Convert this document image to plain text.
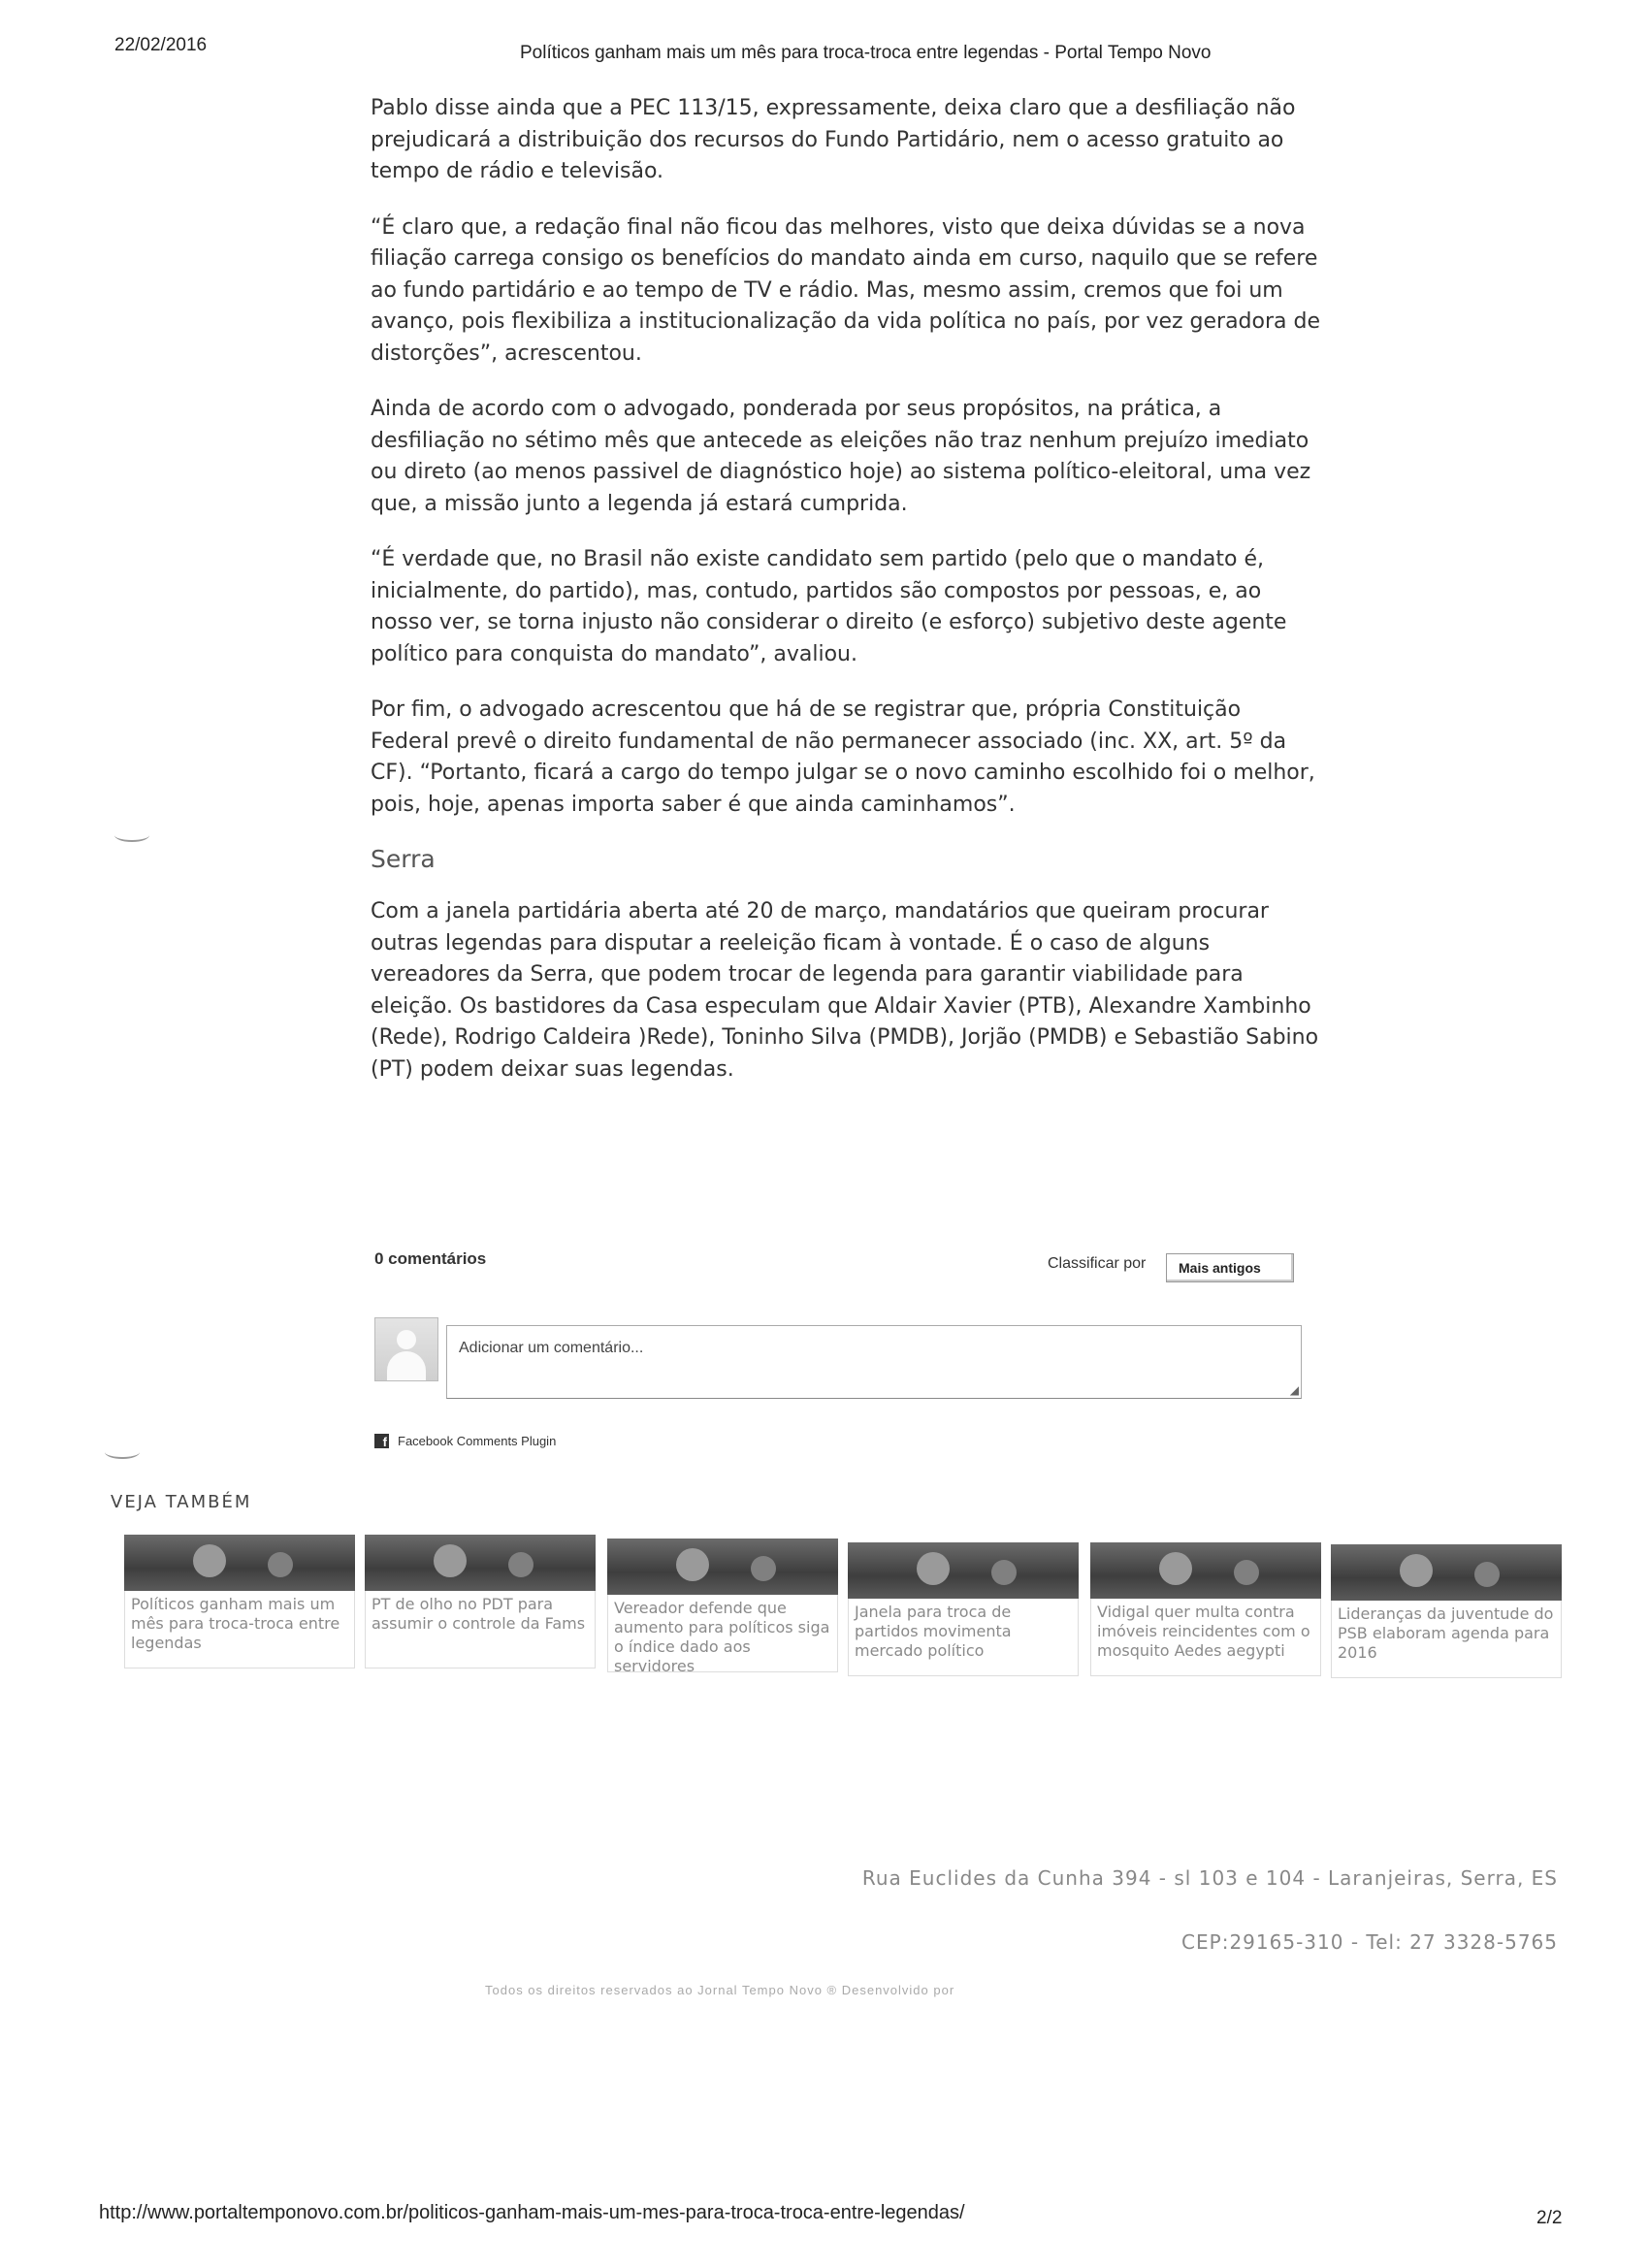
22/02/2016	Políticos ganham mais um mês para troca-troca entre legendas - Portal Tempo Novo

Pablo disse ainda que a PEC 113/15, expressamente, deixa claro que a desfiliação não prejudicará a distribuição dos recursos do Fundo Partidário, nem o acesso gratuito ao tempo de rádio e televisão.

“É claro que, a redação final não ficou das melhores, visto que deixa dúvidas se a nova filiação carrega consigo os benefícios do mandato ainda em curso, naquilo que se refere ao fundo partidário e ao tempo de TV e rádio. Mas, mesmo assim, cremos que foi um avanço, pois flexibiliza a institucionalização da vida política no país, por vez geradora de distorções”, acrescentou.

Ainda de acordo com o advogado, ponderada por seus propósitos, na prática, a desfiliação no sétimo mês que antecede as eleições não traz nenhum prejuízo imediato ou direto (ao menos passivel de diagnóstico hoje) ao sistema político-eleitoral, uma vez que, a missão junto a legenda já estará cumprida.

“É verdade que, no Brasil não existe candidato sem partido (pelo que o mandato é, inicialmente, do partido), mas, contudo, partidos são compostos por pessoas, e, ao nosso ver, se torna injusto não considerar o direito (e esforço) subjetivo deste agente político para conquista do mandato”, avaliou.

Por fim, o advogado acrescentou que há de se registrar que, própria Constituição Federal prevê o direito fundamental de não permanecer associado (inc. XX, art. 5º da CF). “Portanto, ficará a cargo do tempo julgar se o novo caminho escolhido foi o melhor, pois, hoje, apenas importa saber é que ainda caminhamos”.

Serra

Com a janela partidária aberta até 20 de março, mandatários que queiram procurar outras legendas para disputar a reeleição ficam à vontade. É o caso de alguns vereadores da Serra, que podem trocar de legenda para garantir viabilidade para eleição. Os bastidores da Casa especulam que Aldair Xavier (PTB), Alexandre Xambinho (Rede), Rodrigo Caldeira )Rede), Toninho Silva (PMDB), Jorjão (PMDB) e Sebastião Sabino (PT) podem deixar suas legendas.

0 comentários	Classificar por Mais antigos
Adicionar um comentário...
◢
f Facebook Comments Plugin
VEJA TAMBÉM
Políticos ganham mais um mês para troca-troca entre legendas
PT de olho no PDT para assumir o controle da Fams
Vereador defende que aumento para políticos siga o índice dado aos servidores
Janela para troca de partidos movimenta mercado político
Vidigal quer multa contra imóveis reincidentes com o mosquito Aedes aegypti
Lideranças da juventude do PSB elaboram agenda para 2016
Rua Euclides da Cunha 394 - sl 103 e 104 - Laranjeiras, Serra, ES
CEP:29165-310 - Tel: 27 3328-5765
Todos os direitos reservados ao Jornal Tempo Novo ® Desenvolvido por
http://www.portaltemponovo.com.br/politicos-ganham-mais-um-mes-para-troca-troca-entre-legendas/	2/2
